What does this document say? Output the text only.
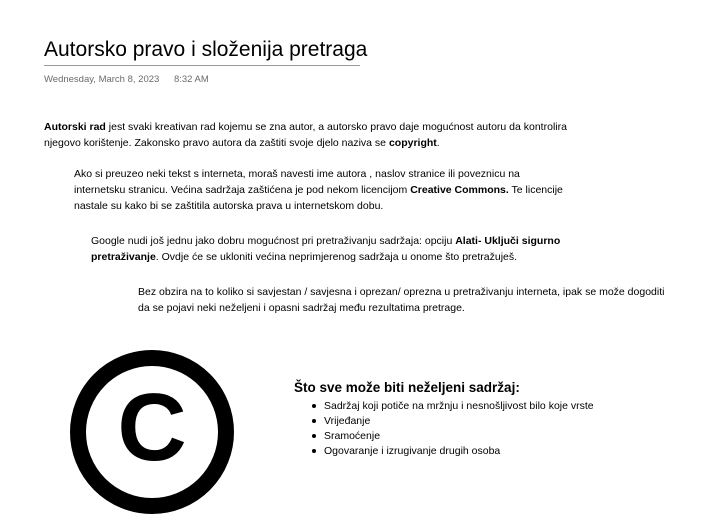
Autorsko pravo i složenija pretraga
Wednesday, March 8, 2023 8:32 AM

Autorski rad jest svaki kreativan rad kojemu se zna autor, a autorsko pravo daje mogućnost autoru da kontrolira njegovo korištenje. Zakonsko pravo autora da zaštiti svoje djelo naziva se copyright.

Ako si preuzeo neki tekst s interneta, moraš navesti ime autora , naslov stranice ili poveznicu na internetsku stranicu. Većina sadržaja zaštićena je pod nekom licencijom Creative Commons. Te licencije nastale su kako bi se zaštitila autorska prava u internetskom dobu.

Google nudi još jednu jako dobru mogućnost pri pretraživanju sadržaja: opciju Alati- Uključi sigurno pretraživanje. Ovdje će se ukloniti većina neprimjerenog sadržaja u onome što pretražuješ.

Bez obzira na to koliko si savjestan / savjesna i oprezan/ oprezna u pretraživanju interneta, ipak se može dogoditi da se pojavi neki neželjeni i opasni sadržaj među rezultatima pretrage.

C	Što sve može biti neželjeni sadržaj:
Sadržaj koji potiče na mržnju i nesnošljivost bilo koje vrste
Vrijeđanje
Sramoćenje
Ogovaranje i izrugivanje drugih osoba
